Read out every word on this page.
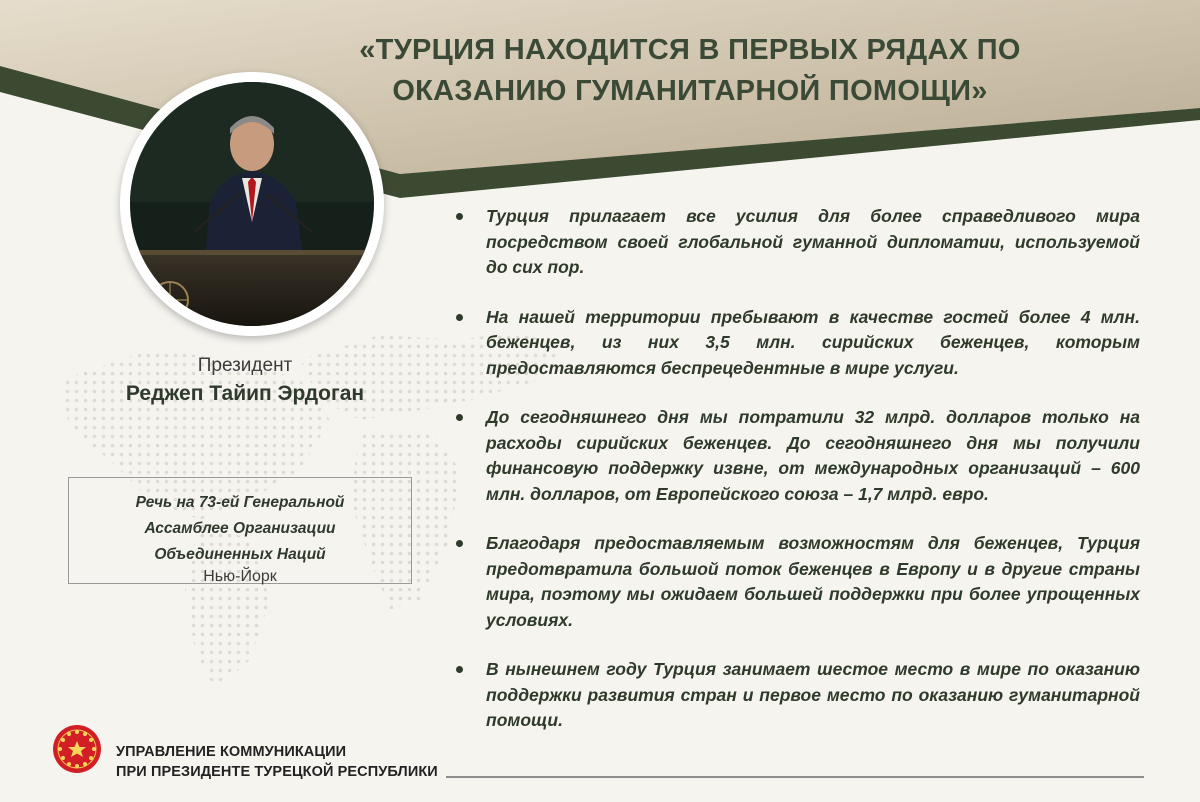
«ТУРЦИЯ НАХОДИТСЯ В ПЕРВЫХ РЯДАХ ПО
ОКАЗАНИЮ ГУМАНИТАРНОЙ ПОМОЩИ»
Президент
Реджеп Тайип Эрдоган
Речь на 73-ей Генеральной
Ассамблее Организации
Объединенных Наций
Нью-Йорк
Турция прилагает все усилия для более справедливого мира посредством своей глобальной гуманной дипломатии, используемой до сих пор.
На нашей территории пребывают в качестве гостей более 4 млн. беженцев, из них 3,5 млн. сирийских беженцев, которым предоставляются беспрецедентные в мире услуги.
До сегодняшнего дня мы потратили 32 млрд. долларов только на расходы сирийских беженцев. До сегодняшнего дня мы получили финансовую поддержку извне, от международных организаций – 600 млн. долларов, от Европейского союза – 1,7 млрд. евро.
Благодаря предоставляемым возможностям для беженцев, Турция предотвратила большой поток беженцев в Европу и в другие страны мира, поэтому мы ожидаем большей поддержки при более упрощенных условиях.
В нынешнем году Турция занимает шестое место в мире по оказанию поддержки развития стран и первое место по оказанию гуманитарной помощи.
УПРАВЛЕНИЕ КОММУНИКАЦИИ
ПРИ ПРЕЗИДЕНТЕ ТУРЕЦКОЙ РЕСПУБЛИКИ
